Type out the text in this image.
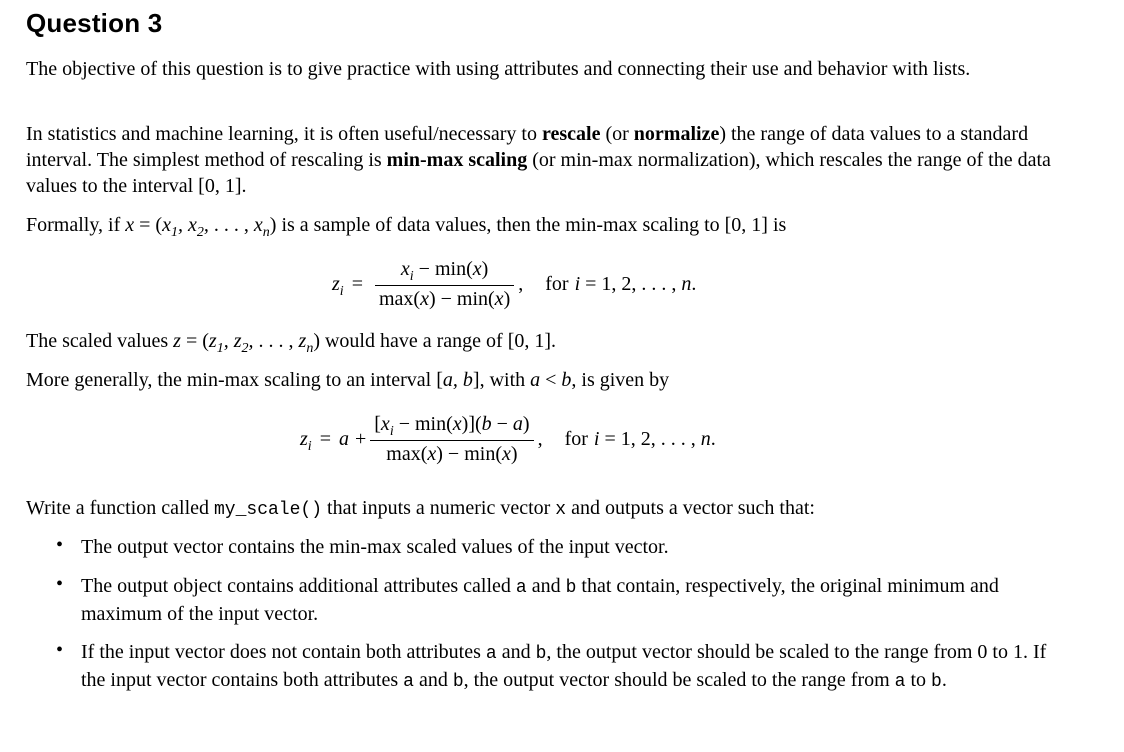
Question 3
The objective of this question is to give practice with using attributes and connecting their use and behavior with lists.
In statistics and machine learning, it is often useful/necessary to rescale (or normalize) the range of data values to a standard interval. The simplest method of rescaling is min-max scaling (or min-max normalization), which rescales the range of the data values to the interval [0, 1].
Formally, if $x = (x_1$, $x_2$, . . . , $x_n$) is a sample of data values, then the min-max scaling to [0, 1] is
$z_i = \frac{x_i - \min(x)}{\max(x) - \min(x)}$ , for i = 1, 2, . . . , n.
The scaled values $z = (z_1$, $z_2$, . . . , $z_n$) would have a range of [0, 1].
More generally, the min-max scaling to an interval [a, b], with a < b, is given by
$z_i = a + \frac{[x_i - \min(x)](b - a)}{\max(x) - \min(x)}$ , for i = 1, 2, . . . , n.
Write a function called my_scale() that inputs a numeric vector x and outputs a vector such that:
• The output vector contains the min-max scaled values of the input vector.
• The output object contains additional attributes called a and b that contain, respectively, the original minimum and maximum of the input vector.
• If the input vector does not contain both attributes a and b, the output vector should be scaled to the range from 0 to 1. If the input vector contains both attributes a and b, the output vector should be scaled to the range from a to b.
